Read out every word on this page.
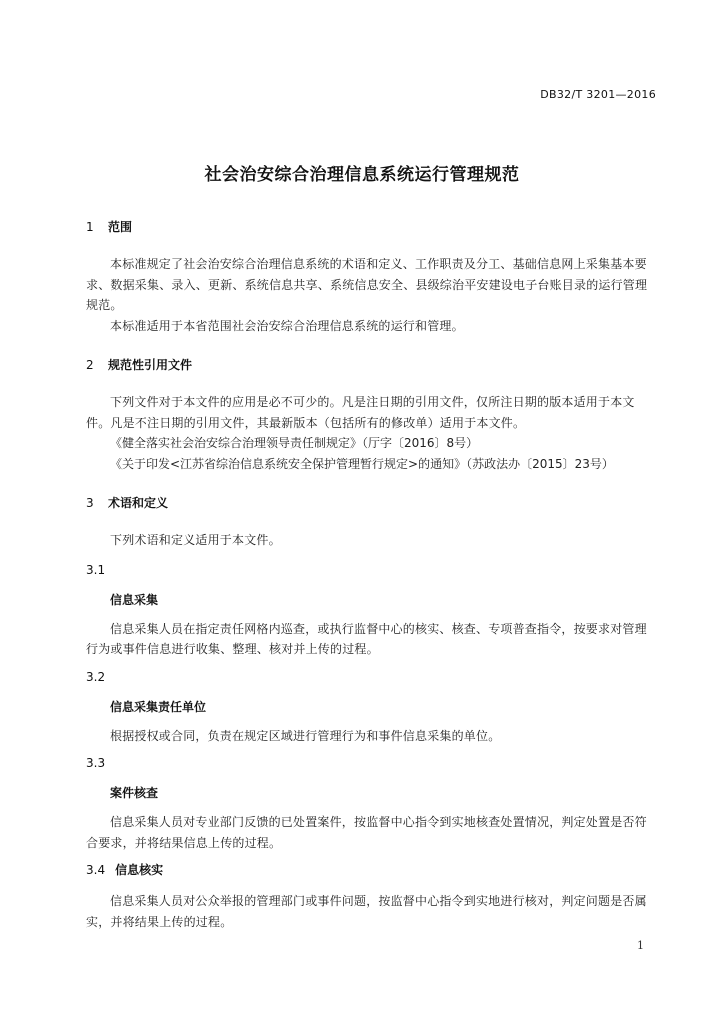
DB32/T 3201—2016
社会治安综合治理信息系统运行管理规范
1 范围
本标准规定了社会治安综合治理信息系统的术语和定义、工作职责及分工、基础信息网上采集基本要求、数据采集、录入、更新、系统信息共享、系统信息安全、县级综治平安建设电子台账目录的运行管理规范。
本标准适用于本省范围社会治安综合治理信息系统的运行和管理。
2 规范性引用文件
下列文件对于本文件的应用是必不可少的。凡是注日期的引用文件，仅所注日期的版本适用于本文件。凡是不注日期的引用文件，其最新版本（包括所有的修改单）适用于本文件。
《健全落实社会治安综合治理领导责任制规定》（厅字〔2016〕8号）
《关于印发<江苏省综治信息系统安全保护管理暂行规定>的通知》（苏政法办〔2015〕23号）
3 术语和定义
下列术语和定义适用于本文件。
3.1
信息采集
信息采集人员在指定责任网格内巡查，或执行监督中心的核实、核查、专项普查指令，按要求对管理行为或事件信息进行收集、整理、核对并上传的过程。
3.2
信息采集责任单位
根据授权或合同，负责在规定区域进行管理行为和事件信息采集的单位。
3.3
案件核查
信息采集人员对专业部门反馈的已处置案件，按监督中心指令到实地核查处置情况，判定处置是否符合要求，并将结果信息上传的过程。
3.4 信息核实
信息采集人员对公众举报的管理部门或事件问题，按监督中心指令到实地进行核对，判定问题是否属实，并将结果上传的过程。
1
